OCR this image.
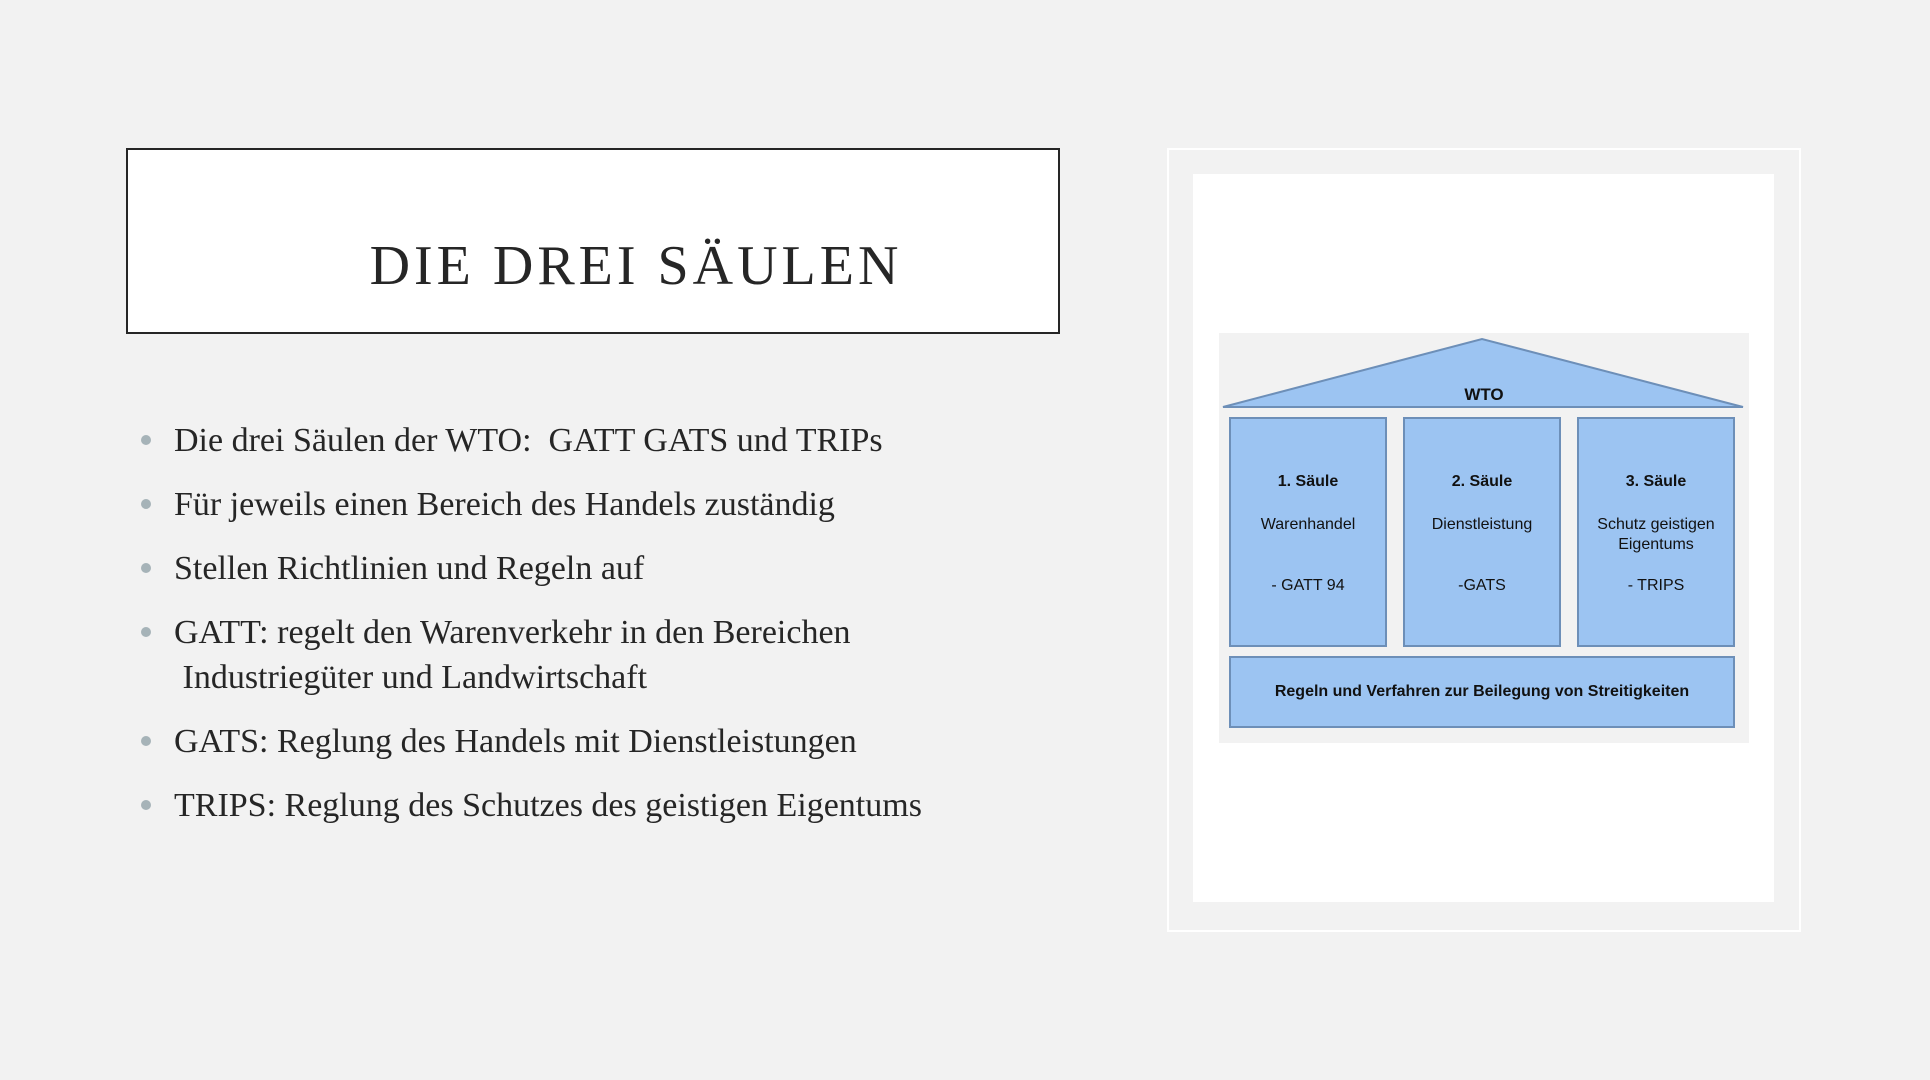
DIE DREI SÄULEN
Die drei Säulen der WTO:  GATT GATS und TRIPs
Für jeweils einen Bereich des Handels zuständig
Stellen Richtlinien und Regeln auf
GATT: regelt den Warenverkehr in den Bereichen
Industriegüter und Landwirtschaft
GATS: Reglung des Handels mit Dienstleistungen
TRIPS: Reglung des Schutzes des geistigen Eigentums
WTO
1. Säule
Warenhandel
- GATT 94
2. Säule
Dienstleistung
-GATS
3. Säule
Schutz geistigen Eigentums
- TRIPS
Regeln und Verfahren zur Beilegung von Streitigkeiten
